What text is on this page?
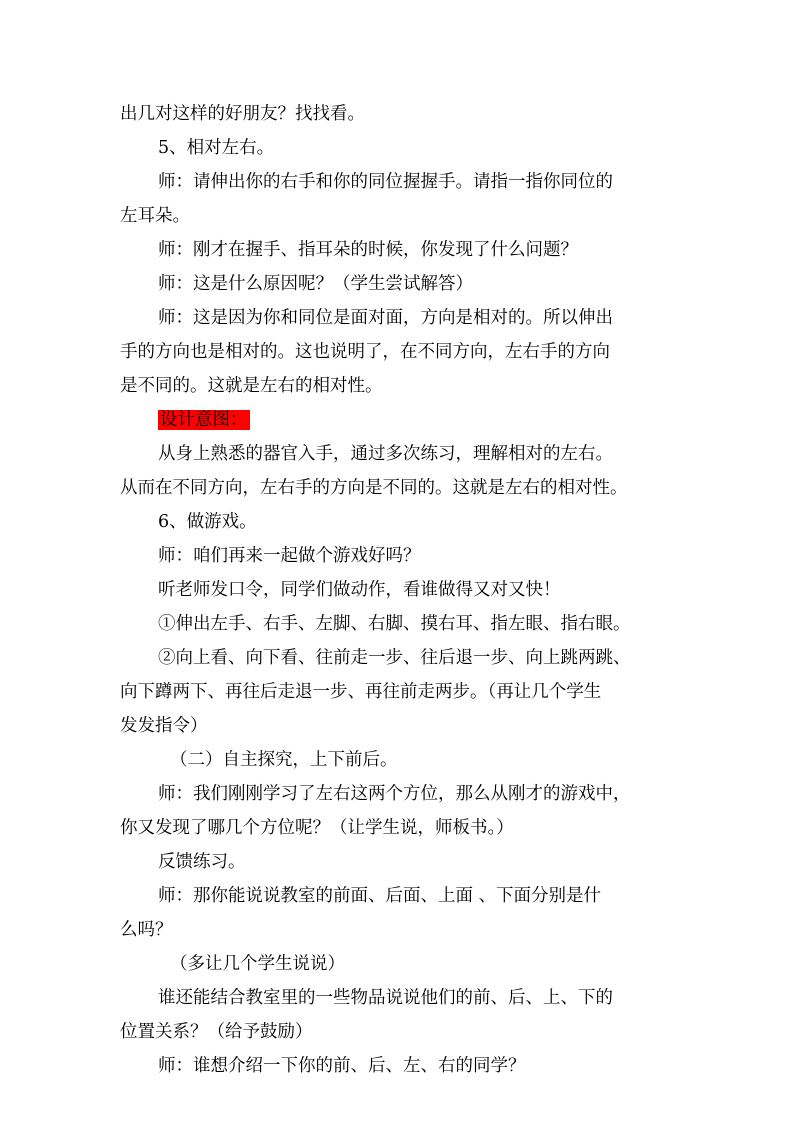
出几对这样的好朋友？找找看。
5、相对左右。
师：请伸出你的右手和你的同位握握手。请指一指你同位的
左耳朵。
师：刚才在握手、指耳朵的时候，你发现了什么问题？
师：这是什么原因呢？（学生尝试解答）
师：这是因为你和同位是面对面，方向是相对的。所以伸出
手的方向也是相对的。这也说明了，在不同方向，左右手的方向
是不同的。这就是左右的相对性。
设计意图：
从身上熟悉的器官入手，通过多次练习，理解相对的左右。
从而在不同方向，左右手的方向是不同的。这就是左右的相对性。
6、做游戏。
师：咱们再来一起做个游戏好吗？
听老师发口令，同学们做动作，看谁做得又对又快！
①伸出左手、右手、左脚、右脚、摸右耳、指左眼、指右眼。
②向上看、向下看、往前走一步、往后退一步、向上跳两跳、
向下蹲两下、再往后走退一步、再往前走两步。（再让几个学生
发发指令）
（二）自主探究，上下前后。
师：我们刚刚学习了左右这两个方位，那么从刚才的游戏中，
你又发现了哪几个方位呢？（让学生说，师板书。）
反馈练习。
师：那你能说说教室的前面、后面、上面 、下面分别是什
么吗？
（多让几个学生说说）
谁还能结合教室里的一些物品说说他们的前、后、上、下的
位置关系？（给予鼓励）
师：谁想介绍一下你的前、后、左、右的同学？
